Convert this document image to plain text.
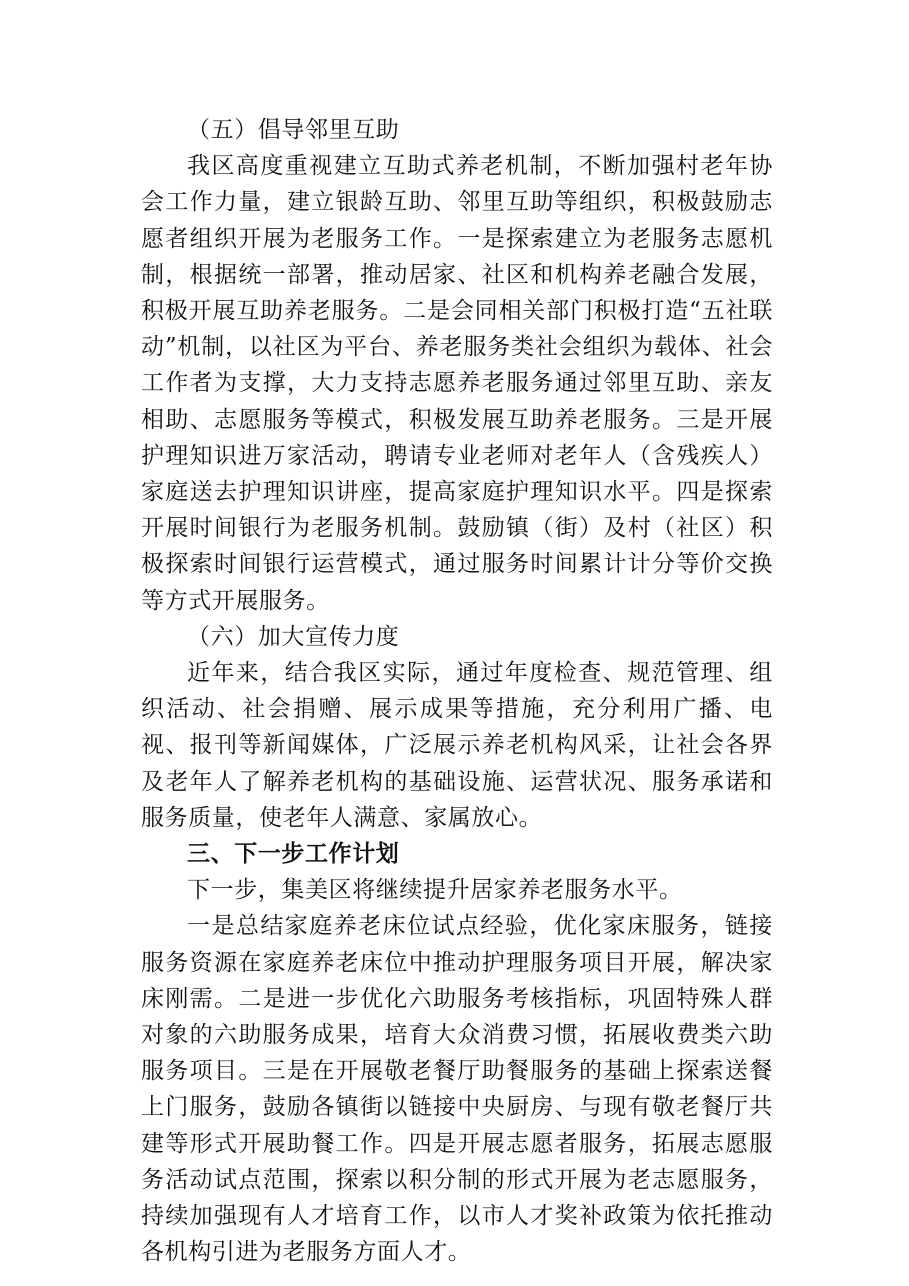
（五）倡导邻里互助

我区高度重视建立互助式养老机制，不断加强村老年协会工作力量，建立银龄互助、邻里互助等组织，积极鼓励志愿者组织开展为老服务工作。一是探索建立为老服务志愿机制，根据统一部署，推动居家、社区和机构养老融合发展，积极开展互助养老服务。二是会同相关部门积极打造“五社联动”机制，以社区为平台、养老服务类社会组织为载体、社会工作者为支撑，大力支持志愿养老服务通过邻里互助、亲友相助、志愿服务等模式，积极发展互助养老服务。三是开展护理知识进万家活动，聘请专业老师对老年人（含残疾人）家庭送去护理知识讲座，提高家庭护理知识水平。四是探索开展时间银行为老服务机制。鼓励镇（街）及村（社区）积极探索时间银行运营模式，通过服务时间累计计分等价交换等方式开展服务。

（六）加大宣传力度

近年来，结合我区实际，通过年度检查、规范管理、组织活动、社会捐赠、展示成果等措施，充分利用广播、电视、报刊等新闻媒体，广泛展示养老机构风采，让社会各界及老年人了解养老机构的基础设施、运营状况、服务承诺和服务质量，使老年人满意、家属放心。

三、下一步工作计划

下一步，集美区将继续提升居家养老服务水平。

一是总结家庭养老床位试点经验，优化家床服务，链接服务资源在家庭养老床位中推动护理服务项目开展，解决家床刚需。二是进一步优化六助服务考核指标，巩固特殊人群对象的六助服务成果，培育大众消费习惯，拓展收费类六助服务项目。三是在开展敬老餐厅助餐服务的基础上探索送餐上门服务，鼓励各镇街以链接中央厨房、与现有敬老餐厅共建等形式开展助餐工作。四是开展志愿者服务，拓展志愿服务活动试点范围，探索以积分制的形式开展为老志愿服务，持续加强现有人才培育工作，以市人才奖补政策为依托推动各机构引进为老服务方面人才。
